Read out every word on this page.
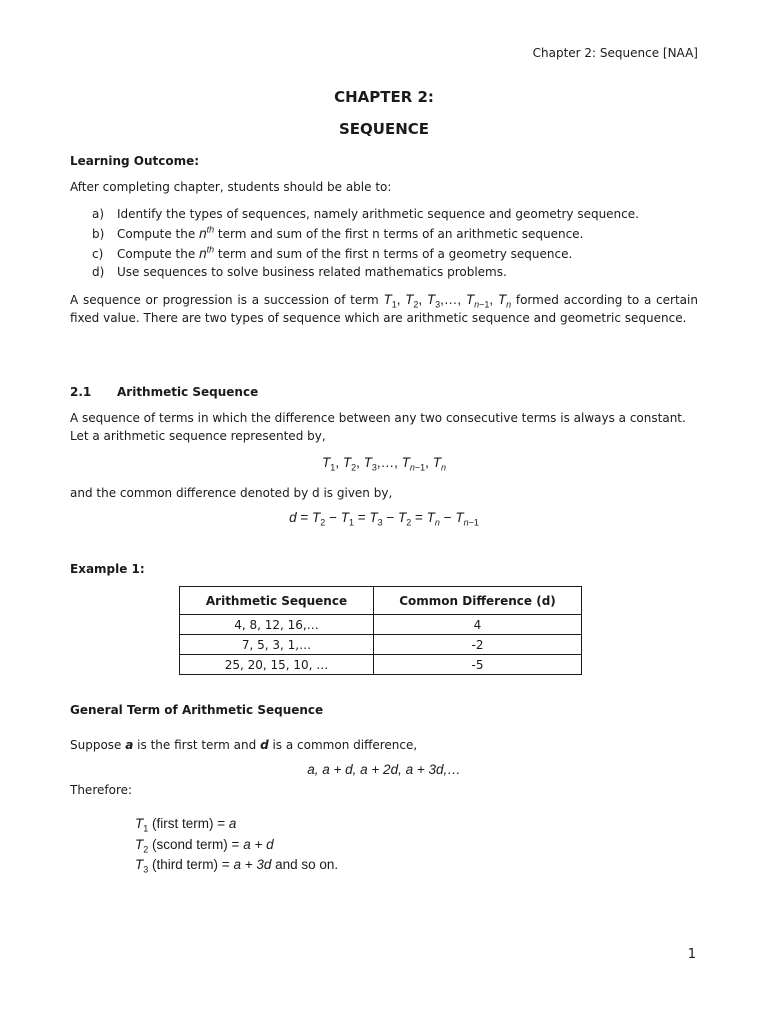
Chapter 2: Sequence [NAA]
CHAPTER 2:
SEQUENCE
Learning Outcome:
After completing chapter, students should be able to:
a) Identify the types of sequences, namely arithmetic sequence and geometry sequence.
b) Compute the $n^{th}$ term and sum of the first n terms of an arithmetic sequence.
c) Compute the $n^{th}$ term and sum of the first n terms of a geometry sequence.
d) Use sequences to solve business related mathematics problems.
A sequence or progression is a succession of term $T_1$, $T_2$, $T_3,\dots$, $T_{n-1}$, $T_n$ formed according to a certain fixed value. There are two types of sequence which are arithmetic sequence and geometric sequence.
2.1 Arithmetic Sequence
A sequence of terms in which the difference between any two consecutive terms is always a constant.
Let a arithmetic sequence represented by,
$T_1$, $T_2$, $T_3,\dots$, $T_{n-1}$, $T_n$
and the common difference denoted by d is given by,
$d = T_2 - T_1 = T_3 - T_2 = T_n - T_{n-1}$
Example 1:
Arithmetic Sequence	Common Difference (d)
4, 8, 12, 16,…	4
7, 5, 3, 1,…	-2
25, 20, 15, 10, …	-5
General Term of Arithmetic Sequence
Suppose a is the first term and d is a common difference,
a, a + d, a + 2d, a + 3d,…
Therefore:
$T_1$ (first term) = a
$T_2$ (scond term) = a + d
$T_3$ (third term) = a + 3d and so on.
1
